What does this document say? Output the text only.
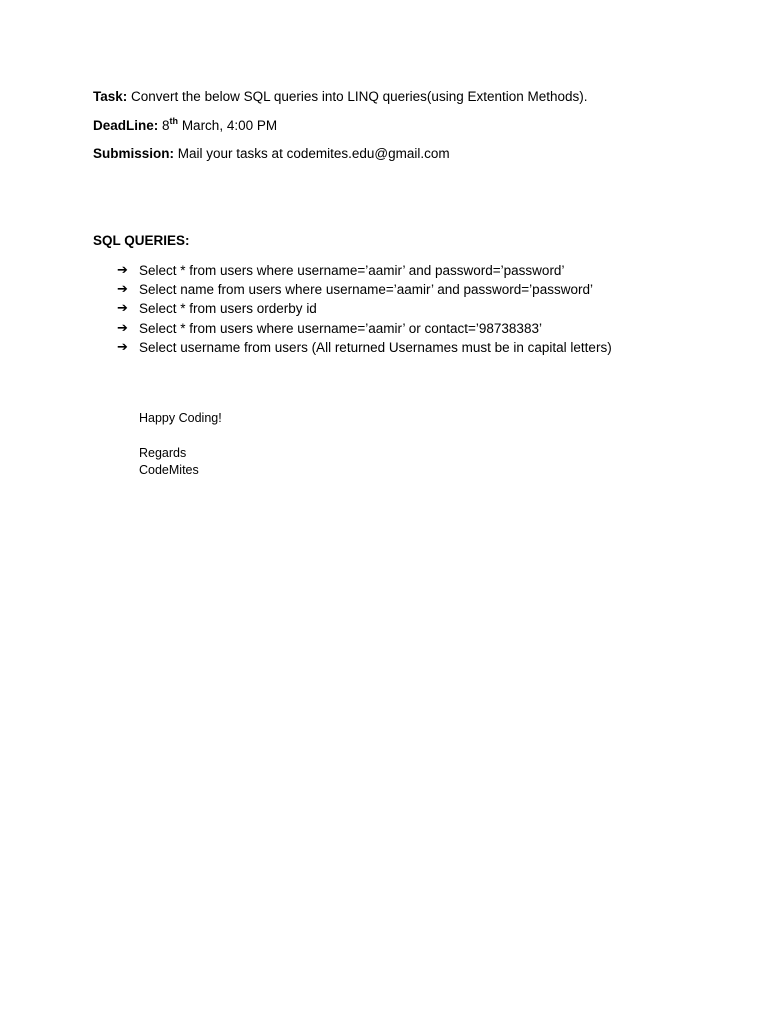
Task: Convert the below SQL queries into LINQ queries(using Extention Methods).
DeadLine: 8th March, 4:00 PM
Submission: Mail your tasks at codemites.edu@gmail.com
SQL QUERIES:
➔ Select * from users where username=’aamir’ and password=’password’
➔ Select name from users where username=’aamir’ and password=’password’
➔ Select * from users orderby id
➔ Select * from users where username=’aamir’ or contact=’98738383’
➔ Select username from users (All returned Usernames must be in capital letters)
Happy Coding!
Regards
CodeMites
